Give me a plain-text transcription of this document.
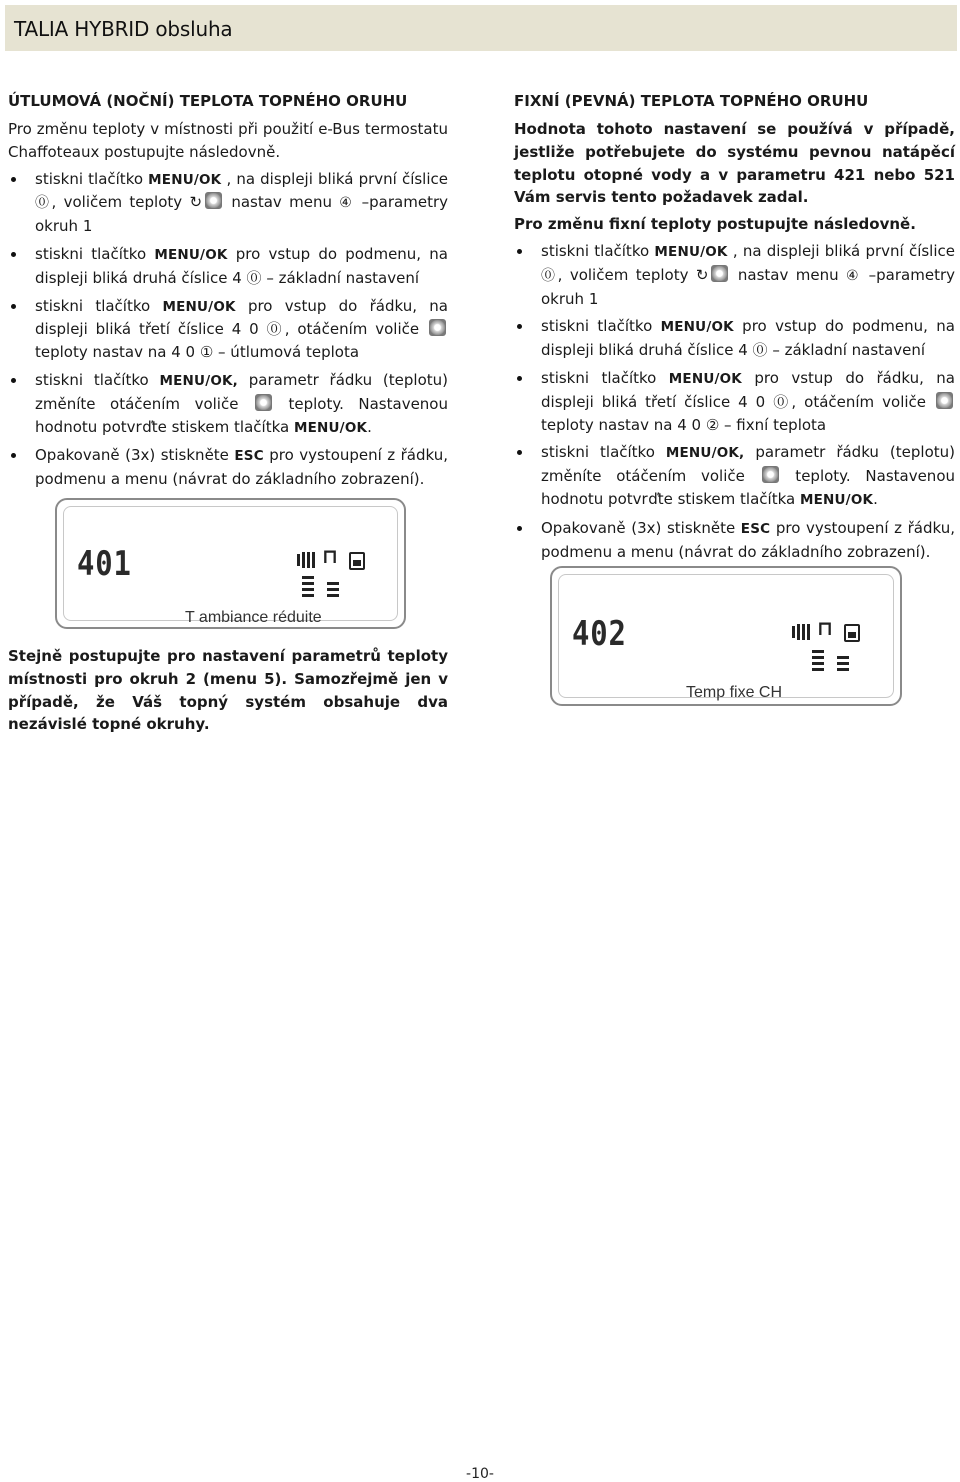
TALIA HYBRID obsluha
ÚTLUMOVÁ (NOČNÍ) TEPLOTA TOPNÉHO ORUHU

Pro změnu teploty v místnosti při použití e-Bus termostatu Chaffoteaux postupujte následovně.

stiskni tlačítko MENU/OK , na displeji bliká první číslice ⓪, voličem teploty ↻ nastav menu ④ –parametry okruh 1
stiskni tlačítko MENU/OK pro vstup do podmenu, na displeji bliká druhá číslice 4 ⓪ – základní nastavení
stiskni tlačítko MENU/OK pro vstup do řádku, na displeji bliká třetí číslice 4 0 ⓪, otáčením voliče  teploty nastav na 4 0 ① – útlumová teplota
stiskni tlačítko MENU/OK, parametr řádku (teplotu) změníte otáčením voliče  teploty. Nastavenou hodnotu potvrďte stiskem tlačítka MENU/OK.
Opakovaně (3x) stiskněte ESC pro vystoupení z řádku, podmenu a menu (návrat do základního zobrazení).
401	⊓
T ambiance réduite
Stejně postupujte pro nastavení parametrů teploty místnosti pro okruh 2 (menu 5). Samozřejmě jen v případě, že Váš topný systém obsahuje dva nezávislé topné okruhy.
FIXNÍ (PEVNÁ) TEPLOTA TOPNÉHO ORUHU

Hodnota tohoto nastavení se používá v případě, jestliže potřebujete do systému pevnou natápěcí teplotu otopné vody a v parametru 421 nebo 521 Vám servis tento požadavek zadal.

Pro změnu fixní teploty postupujte následovně.

stiskni tlačítko MENU/OK , na displeji bliká první číslice ⓪, voličem teploty ↻ nastav menu ④ –parametry okruh 1
stiskni tlačítko MENU/OK pro vstup do podmenu, na displeji bliká druhá číslice 4 ⓪ – základní nastavení
stiskni tlačítko MENU/OK pro vstup do řádku, na displeji bliká třetí číslice 4 0 ⓪, otáčením voliče  teploty nastav na 4 0 ② – fixní teplota
stiskni tlačítko MENU/OK, parametr řádku (teplotu) změníte otáčením voliče  teploty. Nastavenou hodnotu potvrďte stiskem tlačítka MENU/OK.
Opakovaně (3x) stiskněte ESC pro vystoupení z řádku, podmenu a menu (návrat do základního zobrazení).
402	⊓
Temp fixe CH
-10-
